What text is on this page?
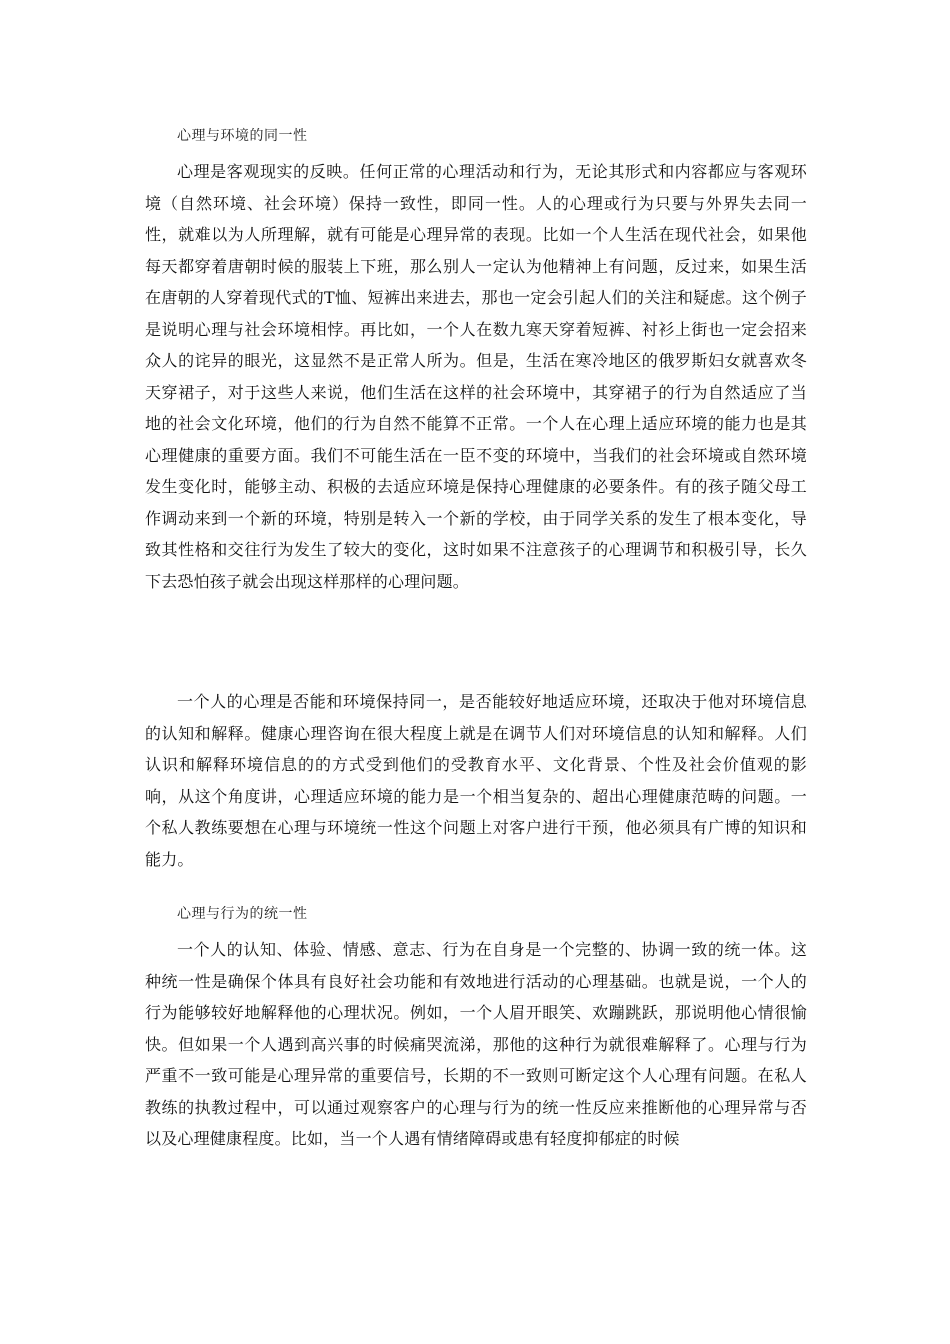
心理与环境的同一性

心理是客观现实的反映。任何正常的心理活动和行为，无论其形式和内容都应与客观环境（自然环境、社会环境）保持一致性，即同一性。人的心理或行为只要与外界失去同一性，就难以为人所理解，就有可能是心理异常的表现。比如一个人生活在现代社会，如果他每天都穿着唐朝时候的服装上下班，那么别人一定认为他精神上有问题，反过来，如果生活在唐朝的人穿着现代式的T恤、短裤出来进去，那也一定会引起人们的关注和疑虑。这个例子是说明心理与社会环境相悖。再比如，一个人在数九寒天穿着短裤、衬衫上街也一定会招来众人的诧异的眼光，这显然不是正常人所为。但是，生活在寒冷地区的俄罗斯妇女就喜欢冬天穿裙子，对于这些人来说，他们生活在这样的社会环境中，其穿裙子的行为自然适应了当地的社会文化环境，他们的行为自然不能算不正常。一个人在心理上适应环境的能力也是其心理健康的重要方面。我们不可能生活在一臣不变的环境中，当我们的社会环境或自然环境发生变化时，能够主动、积极的去适应环境是保持心理健康的必要条件。有的孩子随父母工作调动来到一个新的环境，特别是转入一个新的学校，由于同学关系的发生了根本变化，导致其性格和交往行为发生了较大的变化，这时如果不注意孩子的心理调节和积极引导，长久下去恐怕孩子就会出现这样那样的心理问题。

一个人的心理是否能和环境保持同一，是否能较好地适应环境，还取决于他对环境信息的认知和解释。健康心理咨询在很大程度上就是在调节人们对环境信息的认知和解释。人们认识和解释环境信息的的方式受到他们的受教育水平、文化背景、个性及社会价值观的影响，从这个角度讲，心理适应环境的能力是一个相当复杂的、超出心理健康范畴的问题。一个私人教练要想在心理与环境统一性这个问题上对客户进行干预，他必须具有广博的知识和能力。

心理与行为的统一性

一个人的认知、体验、情感、意志、行为在自身是一个完整的、协调一致的统一体。这种统一性是确保个体具有良好社会功能和有效地进行活动的心理基础。也就是说，一个人的行为能够较好地解释他的心理状况。例如，一个人眉开眼笑、欢蹦跳跃，那说明他心情很愉快。但如果一个人遇到高兴事的时候痛哭流涕，那他的这种行为就很难解释了。心理与行为严重不一致可能是心理异常的重要信号，长期的不一致则可断定这个人心理有问题。在私人教练的执教过程中，可以通过观察客户的心理与行为的统一性反应来推断他的心理异常与否以及心理健康程度。比如，当一个人遇有情绪障碍或患有轻度抑郁症的时候
